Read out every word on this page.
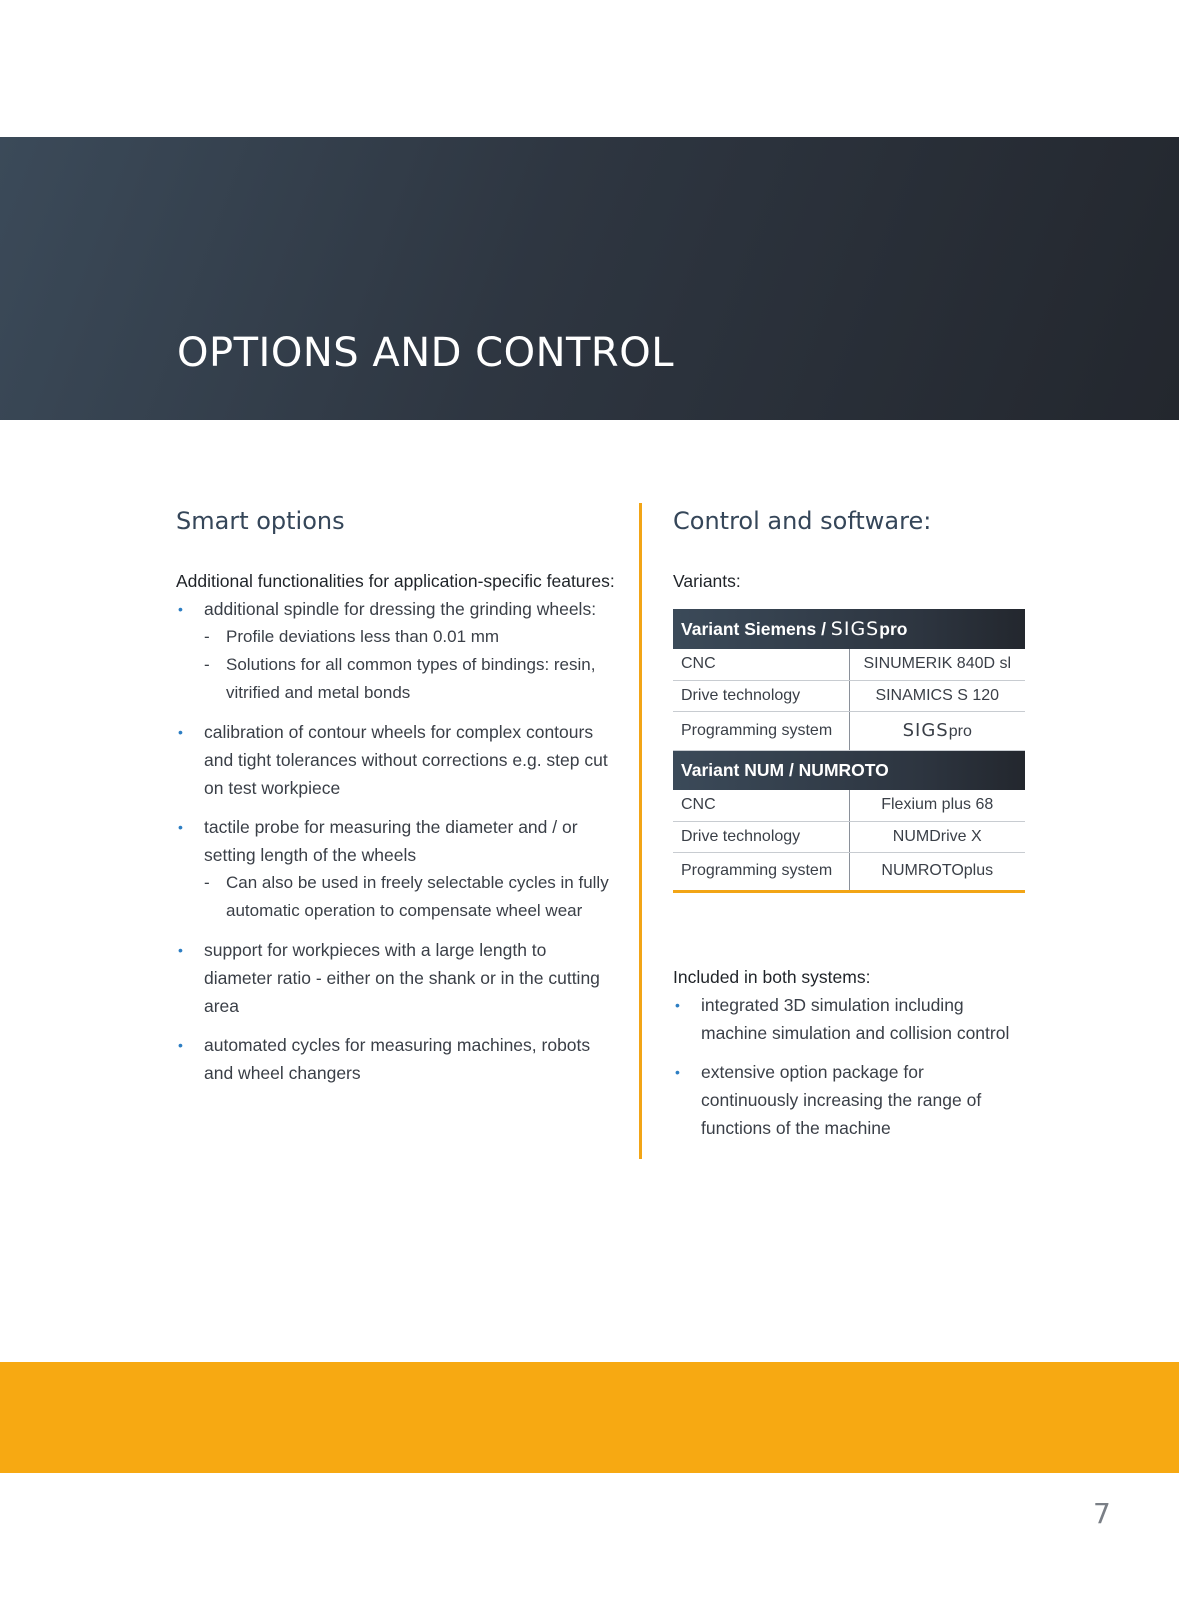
OPTIONS AND CONTROL
Smart options

Additional functionalities for application-specific features:

• additional spindle for dressing the grinding wheels:
- Profile deviations less than 0.01 mm
- Solutions for all common types of bindings: resin, vitrified and metal bonds
• calibration of contour wheels for complex contours and tight tolerances without corrections e.g. step cut on test workpiece
• tactile probe for measuring the diameter and / or setting length of the wheels
- Can also be used in freely selectable cycles in fully automatic operation to compensate wheel wear
• support for workpieces with a large length to diameter ratio - either on the shank or in the cutting area
• automated cycles for measuring machines, robots and wheel changers
Control and software:

Variants:

Variant Siemens / SIGSpro	
CNC	SINUMERIK 840D sl
Drive technology	SINAMICS S 120
Programming system	SIGSpro
Variant NUM / NUMROTO	
CNC	Flexium plus 68
Drive technology	NUMDrive X
Programming system	NUMROTOplus

Included in both systems:

• integrated 3D simulation including machine simulation and collision control
• extensive option package for continuously increasing the range of functions of the machine
7
